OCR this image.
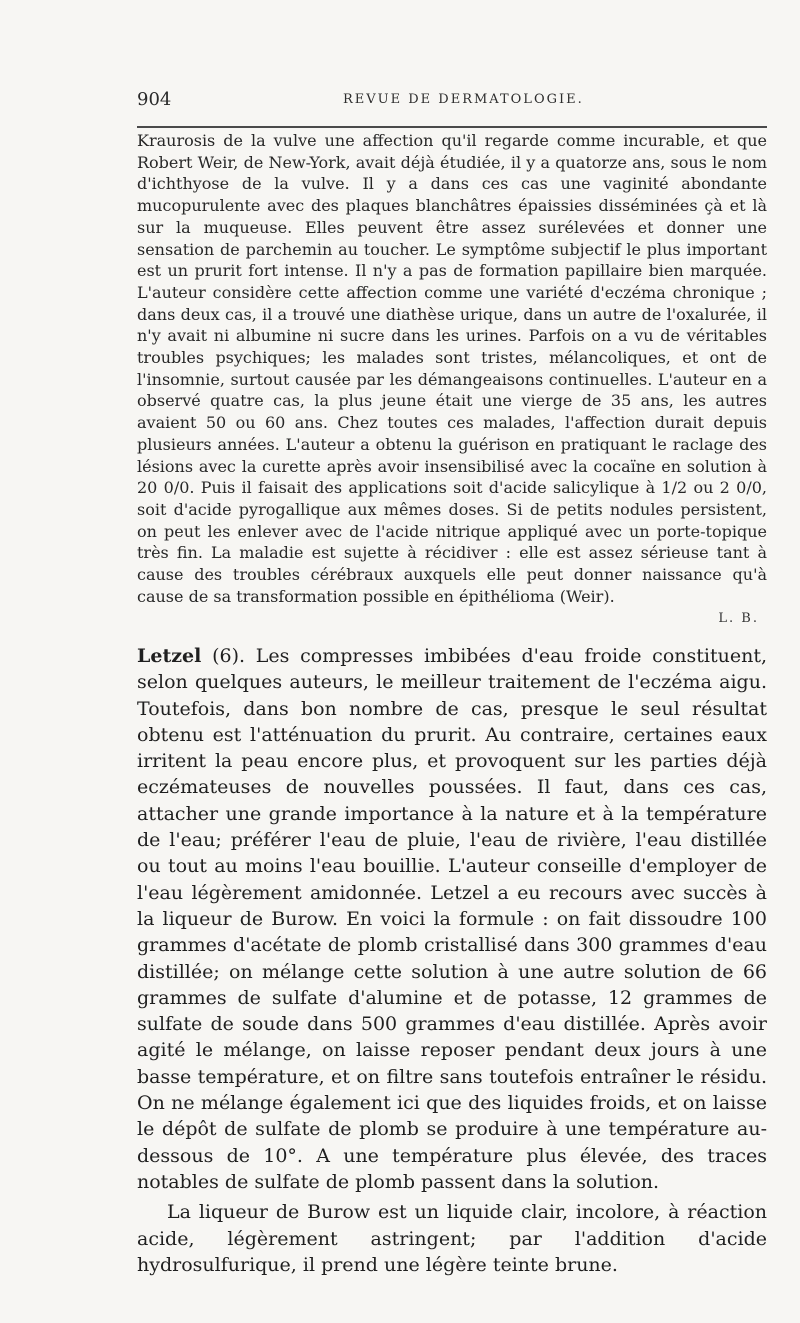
904	REVUE DE DERMATOLOGIE.

Kraurosis de la vulve une affection qu'il regarde comme incurable, et que Robert Weir, de New-York, avait déjà étudiée, il y a quatorze ans, sous le nom d'ichthyose de la vulve. Il y a dans ces cas une vaginité abondante mucopurulente avec des plaques blanchâtres épaissies disséminées çà et là sur la muqueuse. Elles peuvent être assez surélevées et donner une sensation de parchemin au toucher. Le symptôme subjectif le plus important est un prurit fort intense. Il n'y a pas de formation papillaire bien marquée. L'auteur considère cette affection comme une variété d'eczéma chronique ; dans deux cas, il a trouvé une diathèse urique, dans un autre de l'oxalurée, il n'y avait ni albumine ni sucre dans les urines. Parfois on a vu de véritables troubles psychiques; les malades sont tristes, mélancoliques, et ont de l'insomnie, surtout causée par les démangeaisons continuelles. L'auteur en a observé quatre cas, la plus jeune était une vierge de 35 ans, les autres avaient 50 ou 60 ans. Chez toutes ces malades, l'affection durait depuis plusieurs années. L'auteur a obtenu la guérison en pratiquant le raclage des lésions avec la curette après avoir insensibilisé avec la cocaïne en solution à 20 0/0. Puis il faisait des applications soit d'acide salicylique à 1/2 ou 2 0/0, soit d'acide pyrogallique aux mêmes doses. Si de petits nodules persistent, on peut les enlever avec de l'acide nitrique appliqué avec un porte-topique très fin. La maladie est sujette à récidiver : elle est assez sérieuse tant à cause des troubles cérébraux auxquels elle peut donner naissance qu'à cause de sa transformation possible en épithélioma (Weir).

L. B.

Letzel (6). Les compresses imbibées d'eau froide constituent, selon quelques auteurs, le meilleur traitement de l'eczéma aigu. Toutefois, dans bon nombre de cas, presque le seul résultat obtenu est l'atténuation du prurit. Au contraire, certaines eaux irritent la peau encore plus, et provoquent sur les parties déjà eczémateuses de nouvelles poussées. Il faut, dans ces cas, attacher une grande importance à la nature et à la température de l'eau; préférer l'eau de pluie, l'eau de rivière, l'eau distillée ou tout au moins l'eau bouillie. L'auteur conseille d'employer de l'eau légèrement amidonnée. Letzel a eu recours avec succès à la liqueur de Burow. En voici la formule : on fait dissoudre 100 grammes d'acétate de plomb cristallisé dans 300 grammes d'eau distillée; on mélange cette solution à une autre solution de 66 grammes de sulfate d'alumine et de potasse, 12 grammes de sulfate de soude dans 500 grammes d'eau distillée. Après avoir agité le mélange, on laisse reposer pendant deux jours à une basse température, et on filtre sans toutefois entraîner le résidu. On ne mélange également ici que des liquides froids, et on laisse le dépôt de sulfate de plomb se produire à une température au-dessous de 10°. A une température plus élevée, des traces notables de sulfate de plomb passent dans la solution.

La liqueur de Burow est un liquide clair, incolore, à réaction acide, légèrement astringent; par l'addition d'acide hydrosulfurique, il prend une légère teinte brune.
